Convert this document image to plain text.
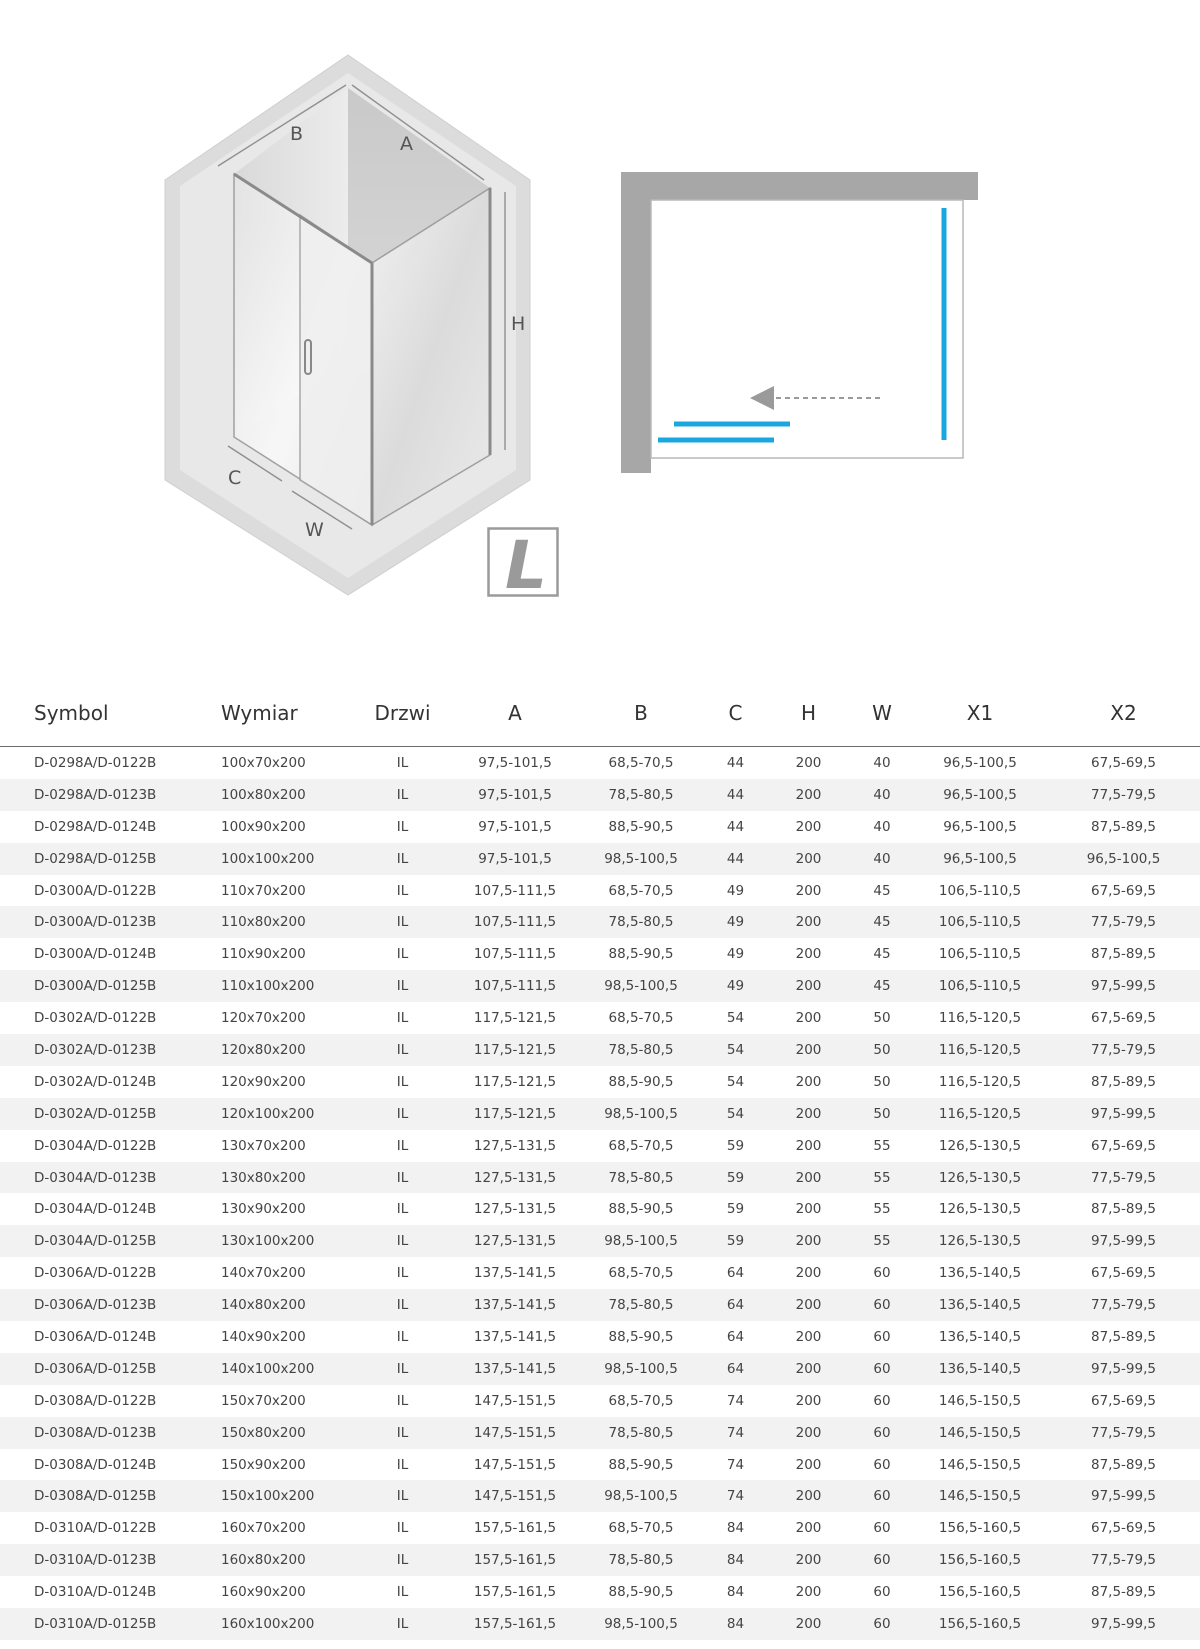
B	A
H
C
W	L
Symbol	Wymiar	Drzwi	A	B	C	H	W	X1	X2
D-0298A/D-0122B	100x70x200	IL	97,5-101,5	68,5-70,5	44	200	40	96,5-100,5	67,5-69,5
D-0298A/D-0123B	100x80x200	IL	97,5-101,5	78,5-80,5	44	200	40	96,5-100,5	77,5-79,5
D-0298A/D-0124B	100x90x200	IL	97,5-101,5	88,5-90,5	44	200	40	96,5-100,5	87,5-89,5
D-0298A/D-0125B	100x100x200	IL	97,5-101,5	98,5-100,5	44	200	40	96,5-100,5	96,5-100,5
D-0300A/D-0122B	110x70x200	IL	107,5-111,5	68,5-70,5	49	200	45	106,5-110,5	67,5-69,5
D-0300A/D-0123B	110x80x200	IL	107,5-111,5	78,5-80,5	49	200	45	106,5-110,5	77,5-79,5
D-0300A/D-0124B	110x90x200	IL	107,5-111,5	88,5-90,5	49	200	45	106,5-110,5	87,5-89,5
D-0300A/D-0125B	110x100x200	IL	107,5-111,5	98,5-100,5	49	200	45	106,5-110,5	97,5-99,5
D-0302A/D-0122B	120x70x200	IL	117,5-121,5	68,5-70,5	54	200	50	116,5-120,5	67,5-69,5
D-0302A/D-0123B	120x80x200	IL	117,5-121,5	78,5-80,5	54	200	50	116,5-120,5	77,5-79,5
D-0302A/D-0124B	120x90x200	IL	117,5-121,5	88,5-90,5	54	200	50	116,5-120,5	87,5-89,5
D-0302A/D-0125B	120x100x200	IL	117,5-121,5	98,5-100,5	54	200	50	116,5-120,5	97,5-99,5
D-0304A/D-0122B	130x70x200	IL	127,5-131,5	68,5-70,5	59	200	55	126,5-130,5	67,5-69,5
D-0304A/D-0123B	130x80x200	IL	127,5-131,5	78,5-80,5	59	200	55	126,5-130,5	77,5-79,5
D-0304A/D-0124B	130x90x200	IL	127,5-131,5	88,5-90,5	59	200	55	126,5-130,5	87,5-89,5
D-0304A/D-0125B	130x100x200	IL	127,5-131,5	98,5-100,5	59	200	55	126,5-130,5	97,5-99,5
D-0306A/D-0122B	140x70x200	IL	137,5-141,5	68,5-70,5	64	200	60	136,5-140,5	67,5-69,5
D-0306A/D-0123B	140x80x200	IL	137,5-141,5	78,5-80,5	64	200	60	136,5-140,5	77,5-79,5
D-0306A/D-0124B	140x90x200	IL	137,5-141,5	88,5-90,5	64	200	60	136,5-140,5	87,5-89,5
D-0306A/D-0125B	140x100x200	IL	137,5-141,5	98,5-100,5	64	200	60	136,5-140,5	97,5-99,5
D-0308A/D-0122B	150x70x200	IL	147,5-151,5	68,5-70,5	74	200	60	146,5-150,5	67,5-69,5
D-0308A/D-0123B	150x80x200	IL	147,5-151,5	78,5-80,5	74	200	60	146,5-150,5	77,5-79,5
D-0308A/D-0124B	150x90x200	IL	147,5-151,5	88,5-90,5	74	200	60	146,5-150,5	87,5-89,5
D-0308A/D-0125B	150x100x200	IL	147,5-151,5	98,5-100,5	74	200	60	146,5-150,5	97,5-99,5
D-0310A/D-0122B	160x70x200	IL	157,5-161,5	68,5-70,5	84	200	60	156,5-160,5	67,5-69,5
D-0310A/D-0123B	160x80x200	IL	157,5-161,5	78,5-80,5	84	200	60	156,5-160,5	77,5-79,5
D-0310A/D-0124B	160x90x200	IL	157,5-161,5	88,5-90,5	84	200	60	156,5-160,5	87,5-89,5
D-0310A/D-0125B	160x100x200	IL	157,5-161,5	98,5-100,5	84	200	60	156,5-160,5	97,5-99,5
